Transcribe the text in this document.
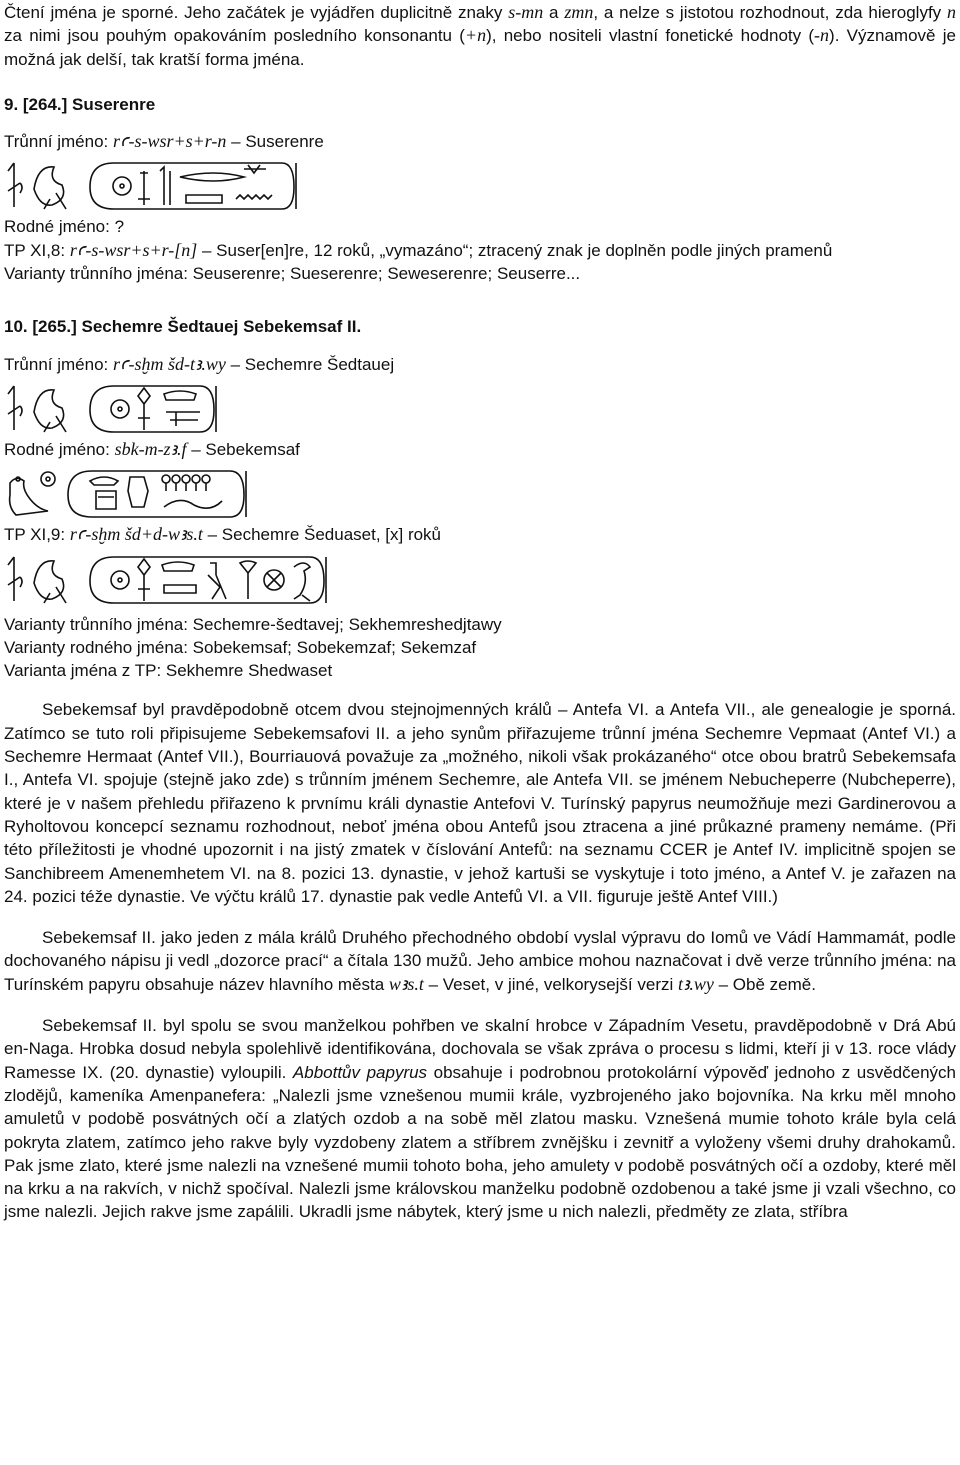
Čtení jména je sporné. Jeho začátek je vyjádřen duplicitně znaky s-mn a zmn, a nelze s jistotou rozhodnout, zda hieroglyfy n za nimi jsou pouhým opakováním posledního konsonantu (+n), nebo nositeli vlastní fonetické hodnoty (-n). Významově je možná jak delší, tak kratší forma jména.

9. [264.] Suserenre

Trůnní jméno: rꜥ-s-wsr+s+r-n – Suserenre

Rodné jméno: ?

TP XI,8: rꜥ-s-wsr+s+r-[n] – Suser[en]re, 12 roků, „vymazáno“; ztracený znak je doplněn podle jiných pramenů

Varianty trůnního jména: Seuserenre; Sueserenre; Seweserenre; Seuserre...

10. [265.] Sechemre Šedtauej Sebekemsaf II.

Trůnní jméno: rꜥ-sḫm šd-tꜣ.wy – Sechemre Šedtauej

Rodné jméno: sbk-m-zꜣ.f – Sebekemsaf

TP XI,9: rꜥ-sḫm šd+d-wꜣs.t – Sechemre Šeduaset, [x] roků

Varianty trůnního jména: Sechemre-šedtavej; Sekhemreshedjtawy

Varianty rodného jména: Sobekemsaf; Sobekemzaf; Sekemzaf

Varianta jména z TP: Sekhemre Shedwaset

Sebekemsaf byl pravděpodobně otcem dvou stejnojmenných králů – Antefa VI. a Antefa VII., ale genealogie je sporná. Zatímco se tuto roli připisujeme Sebekemsafovi II. a jeho synům přiřazujeme trůnní jména Sechemre Vepmaat (Antef VI.) a Sechemre Hermaat (Antef VII.), Bourriauová považuje za „možného, nikoli však prokázaného“ otce obou bratrů Sebekemsafa I., Antefa VI. spojuje (stejně jako zde) s trůnním jménem Sechemre, ale Antefa VII. se jménem Nebucheperre (Nubcheperre), které je v našem přehledu přiřazeno k prvnímu králi dynastie Antefovi V. Turínský papyrus neumožňuje mezi Gardinerovou a Ryholtovou koncepcí seznamu rozhodnout, neboť jména obou Antefů jsou ztracena a jiné průkazné prameny nemáme. (Při této příležitosti je vhodné upozornit i na jistý zmatek v číslování Antefů: na seznamu CCER je Antef IV. implicitně spojen se Sanchibreem Amenemhetem VI. na 8. pozici 13. dynastie, v jehož kartuši se vyskytuje i toto jméno, a Antef V. je zařazen na 24. pozici téže dynastie. Ve výčtu králů 17. dynastie pak vedle Antefů VI. a VII. figuruje ještě Antef VIII.)

Sebekemsaf II. jako jeden z mála králů Druhého přechodného období vyslal výpravu do Iomů ve Vádí Hammamát, podle dochovaného nápisu ji vedl „dozorce prací“ a čítala 130 mužů. Jeho ambice mohou naznačovat i dvě verze trůnního jména: na Turínském papyru obsahuje název hlavního města wꜣs.t – Veset, v jiné, velkorysejší verzi tꜣ.wy – Obě země.

Sebekemsaf II. byl spolu se svou manželkou pohřben ve skalní hrobce v Západním Vesetu, pravděpodobně v Drá Abú en-Naga. Hrobka dosud nebyla spolehlivě identifikována, dochovala se však zpráva o procesu s lidmi, kteří ji v 13. roce vlády Ramesse IX. (20. dynastie) vyloupili. Abbottův papyrus obsahuje i podrobnou protokolární výpověď jednoho z usvědčených zlodějů, kameníka Amenpanefera: „Nalezli jsme vznešenou mumii krále, vyzbrojeného jako bojovníka. Na krku měl mnoho amuletů v podobě posvátných očí a zlatých ozdob a na sobě měl zlatou masku. Vznešená mumie tohoto krále byla celá pokryta zlatem, zatímco jeho rakve byly vyzdobeny zlatem a stříbrem zvnějšku i zevnitř a vyloženy všemi druhy drahokamů. Pak jsme zlato, které jsme nalezli na vznešené mumii tohoto boha, jeho amulety v podobě posvátných očí a ozdoby, které měl na krku a na rakvích, v nichž spočíval. Nalezli jsme královskou manželku podobně ozdobenou a také jsme ji vzali všechno, co jsme nalezli. Jejich rakve jsme zapálili. Ukradli jsme nábytek, který jsme u nich nalezli, předměty ze zlata, stříbra
